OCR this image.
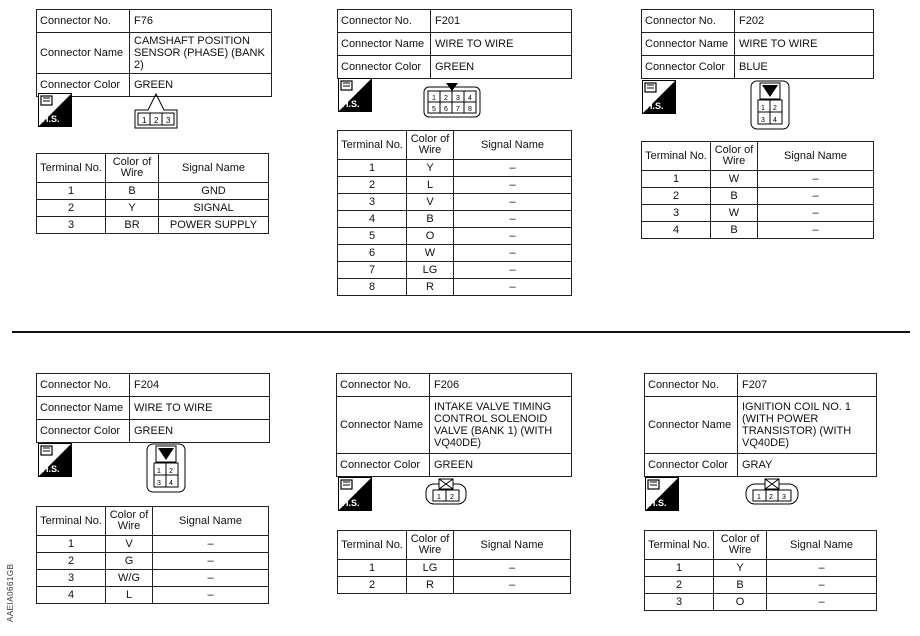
Connector No.	F76
Connector Name	CAMSHAFT POSITION SENSOR (PHASE) (BANK 2)
Connector Color	GREEN
H.S.	1 2 3
Terminal No.	Color of Wire	Signal Name
1	B	GND
2	Y	SIGNAL
3	BR	POWER SUPPLY
Connector No.	F201
Connector Name	WIRE TO WIRE
Connector Color	GREEN
H.S.
1 2 3 4
5 6 7 8
Terminal No.	Color of Wire	Signal Name
1	Y	–
2	L	–
3	V	–
4	B	–
5	O	–
6	W	–
7	LG	–
8	R	–
Connector No.	F202
Connector Name	WIRE TO WIRE
Connector Color	BLUE
H.S.	1 2
3 4
Terminal No.	Color of Wire	Signal Name
1	W	–
2	B	–
3	W	–
4	B	–
Connector No.	F204
Connector Name	WIRE TO WIRE
Connector Color	GREEN
H.S.	1 2
3 4
Terminal No.	Color of Wire	Signal Name
1	V	–
2	G	–
3	W/G	–
4	L	–
Connector No.	F206
Connector Name	INTAKE VALVE TIMING CONTROL SOLENOID VALVE (BANK 1) (WITH VQ40DE)
Connector Color	GREEN
H.S.
1 2
Terminal No.	Color of Wire	Signal Name
1	LG	–
2	R	–
Connector No.	F207
Connector Name	IGNITION COIL NO. 1 (WITH POWER TRANSISTOR) (WITH VQ40DE)
Connector Color	GRAY
H.S.
1 2 3
Terminal No.	Color of Wire	Signal Name
1	Y	–
2	B	–
3	O	–
AAEIA0661GB
